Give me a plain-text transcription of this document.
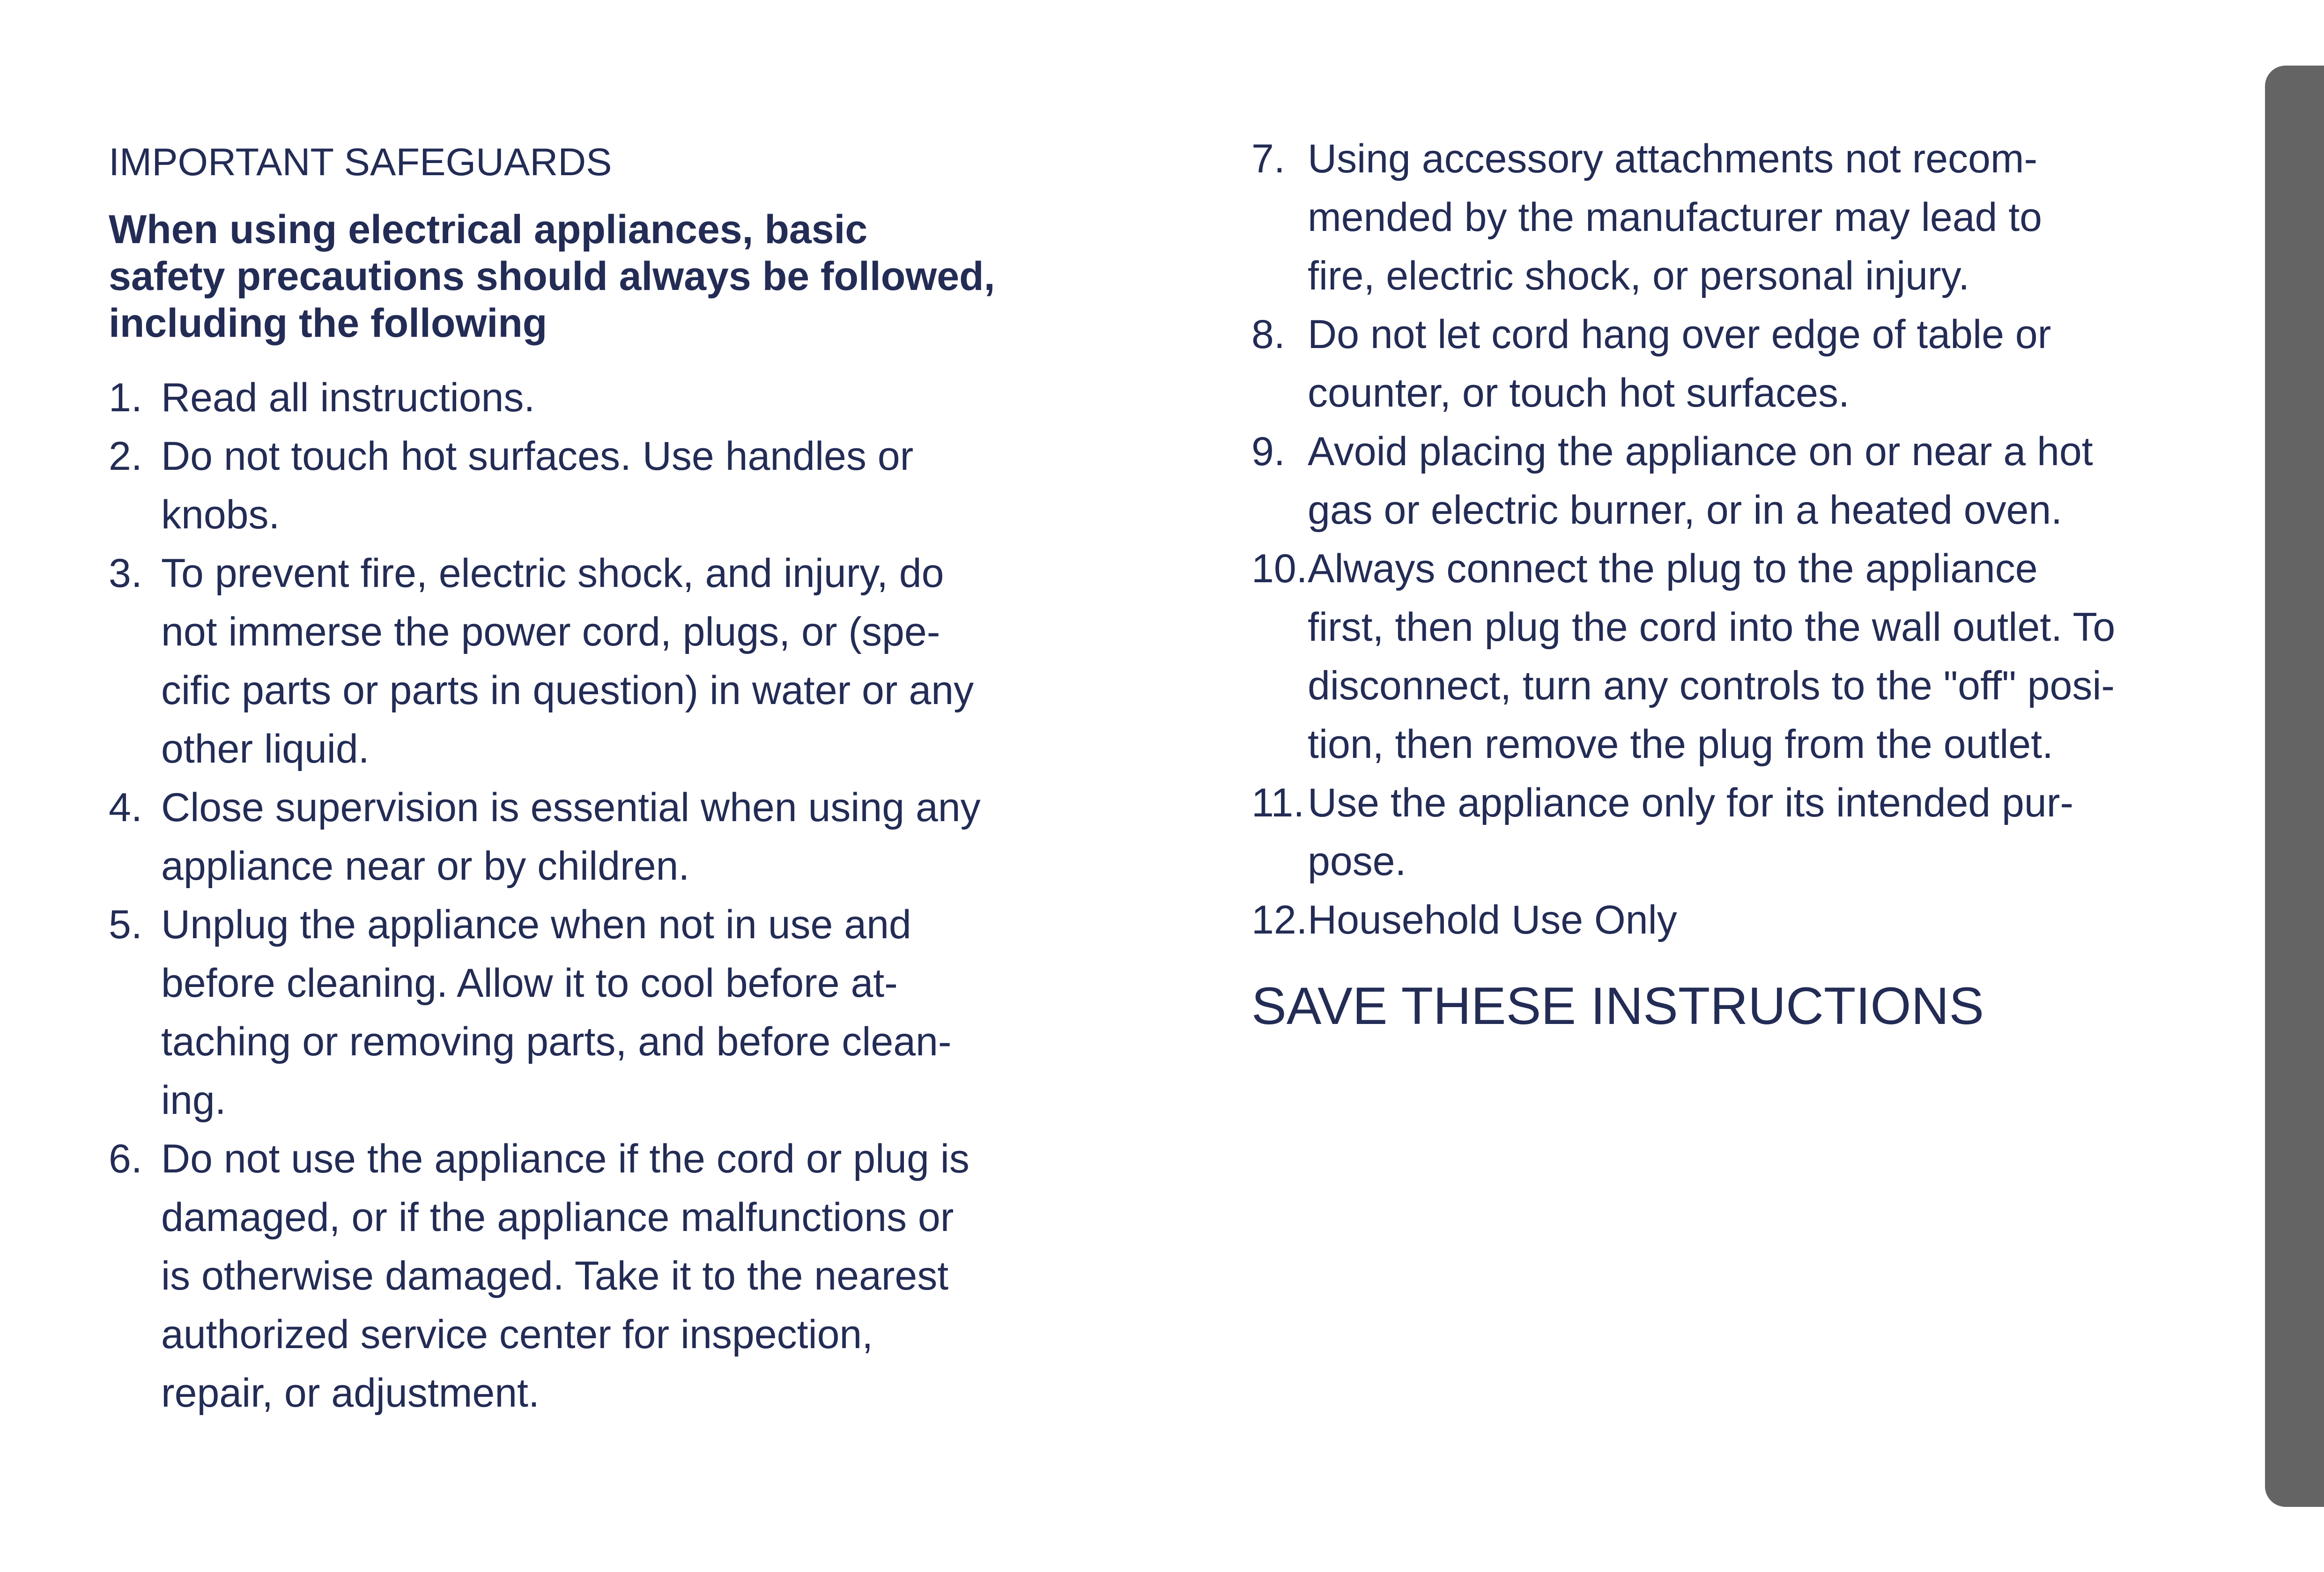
IMPORTANT SAFEGUARDS
When using electrical appliances, basic
safety precautions should always be followed,
including the following
1. Read all instructions.
2. Do not touch hot surfaces. Use handles or
knobs.
3. To prevent fire, electric shock, and injury, do
not immerse the power cord, plugs, or (spe-
cific parts or parts in question) in water or any
other liquid.
4. Close supervision is essential when using any
appliance near or by children.
5. Unplug the appliance when not in use and
before cleaning. Allow it to cool before at-
taching or removing parts, and before clean-
ing.
6. Do not use the appliance if the cord or plug is
damaged, or if the appliance malfunctions or
is otherwise damaged. Take it to the nearest
authorized service center for inspection,
repair, or adjustment.
7. Using accessory attachments not recom-
mended by the manufacturer may lead to
fire, electric shock, or personal injury.
8. Do not let cord hang over edge of table or
counter, or touch hot surfaces.
9. Avoid placing the appliance on or near a hot
gas or electric burner, or in a heated oven.
10. Always connect the plug to the appliance
first, then plug the cord into the wall outlet. To
disconnect, turn any controls to the "off" posi-
tion, then remove the plug from the outlet.
11. Use the appliance only for its intended pur-
pose.
12. Household Use Only
SAVE THESE INSTRUCTIONS
